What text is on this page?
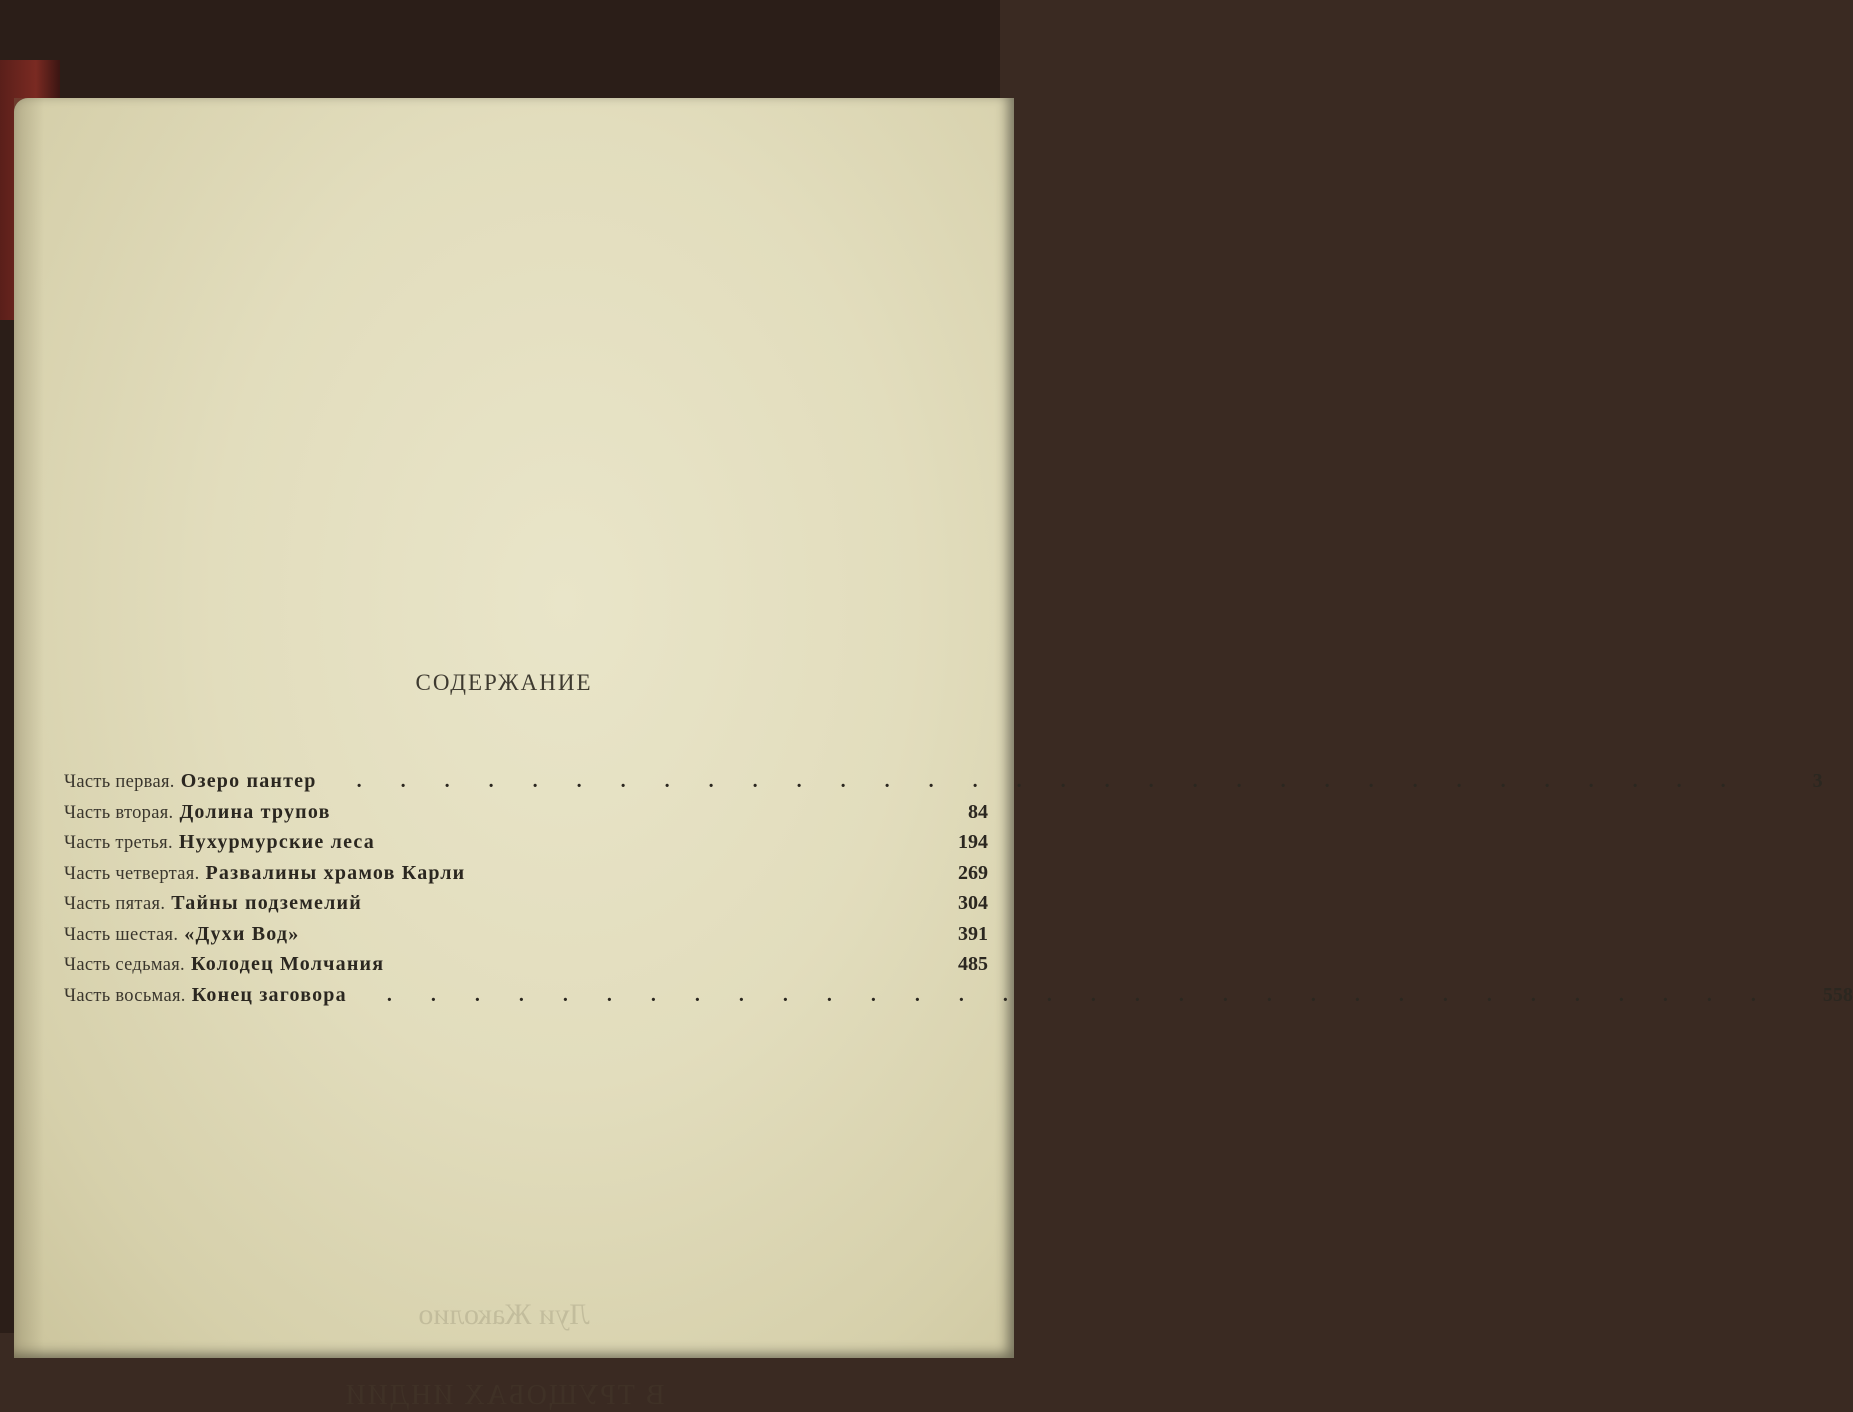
СОДЕРЖАНИЕ
Часть первая. Озеро пантер	. . . . . . . . . . . . . . . . . . . . . . . . . . . . . . . .	3
Часть вторая. Долина трупов	84
Часть третья. Нухурмурские леса	194
Часть четвертая. Развалины храмов Карли	269
Часть пятая. Тайны подземелий	304
Часть шестая. «Духи Вод»	391
Часть седьмая. Колодец Молчания	485
Часть восьмая. Конец заговора	. . . . . . . . . . . . . . . . . . . . . . . . . . . . . . . .	558
Луи Жаколио
В ТРУЩОБАХ ИНДИИ
